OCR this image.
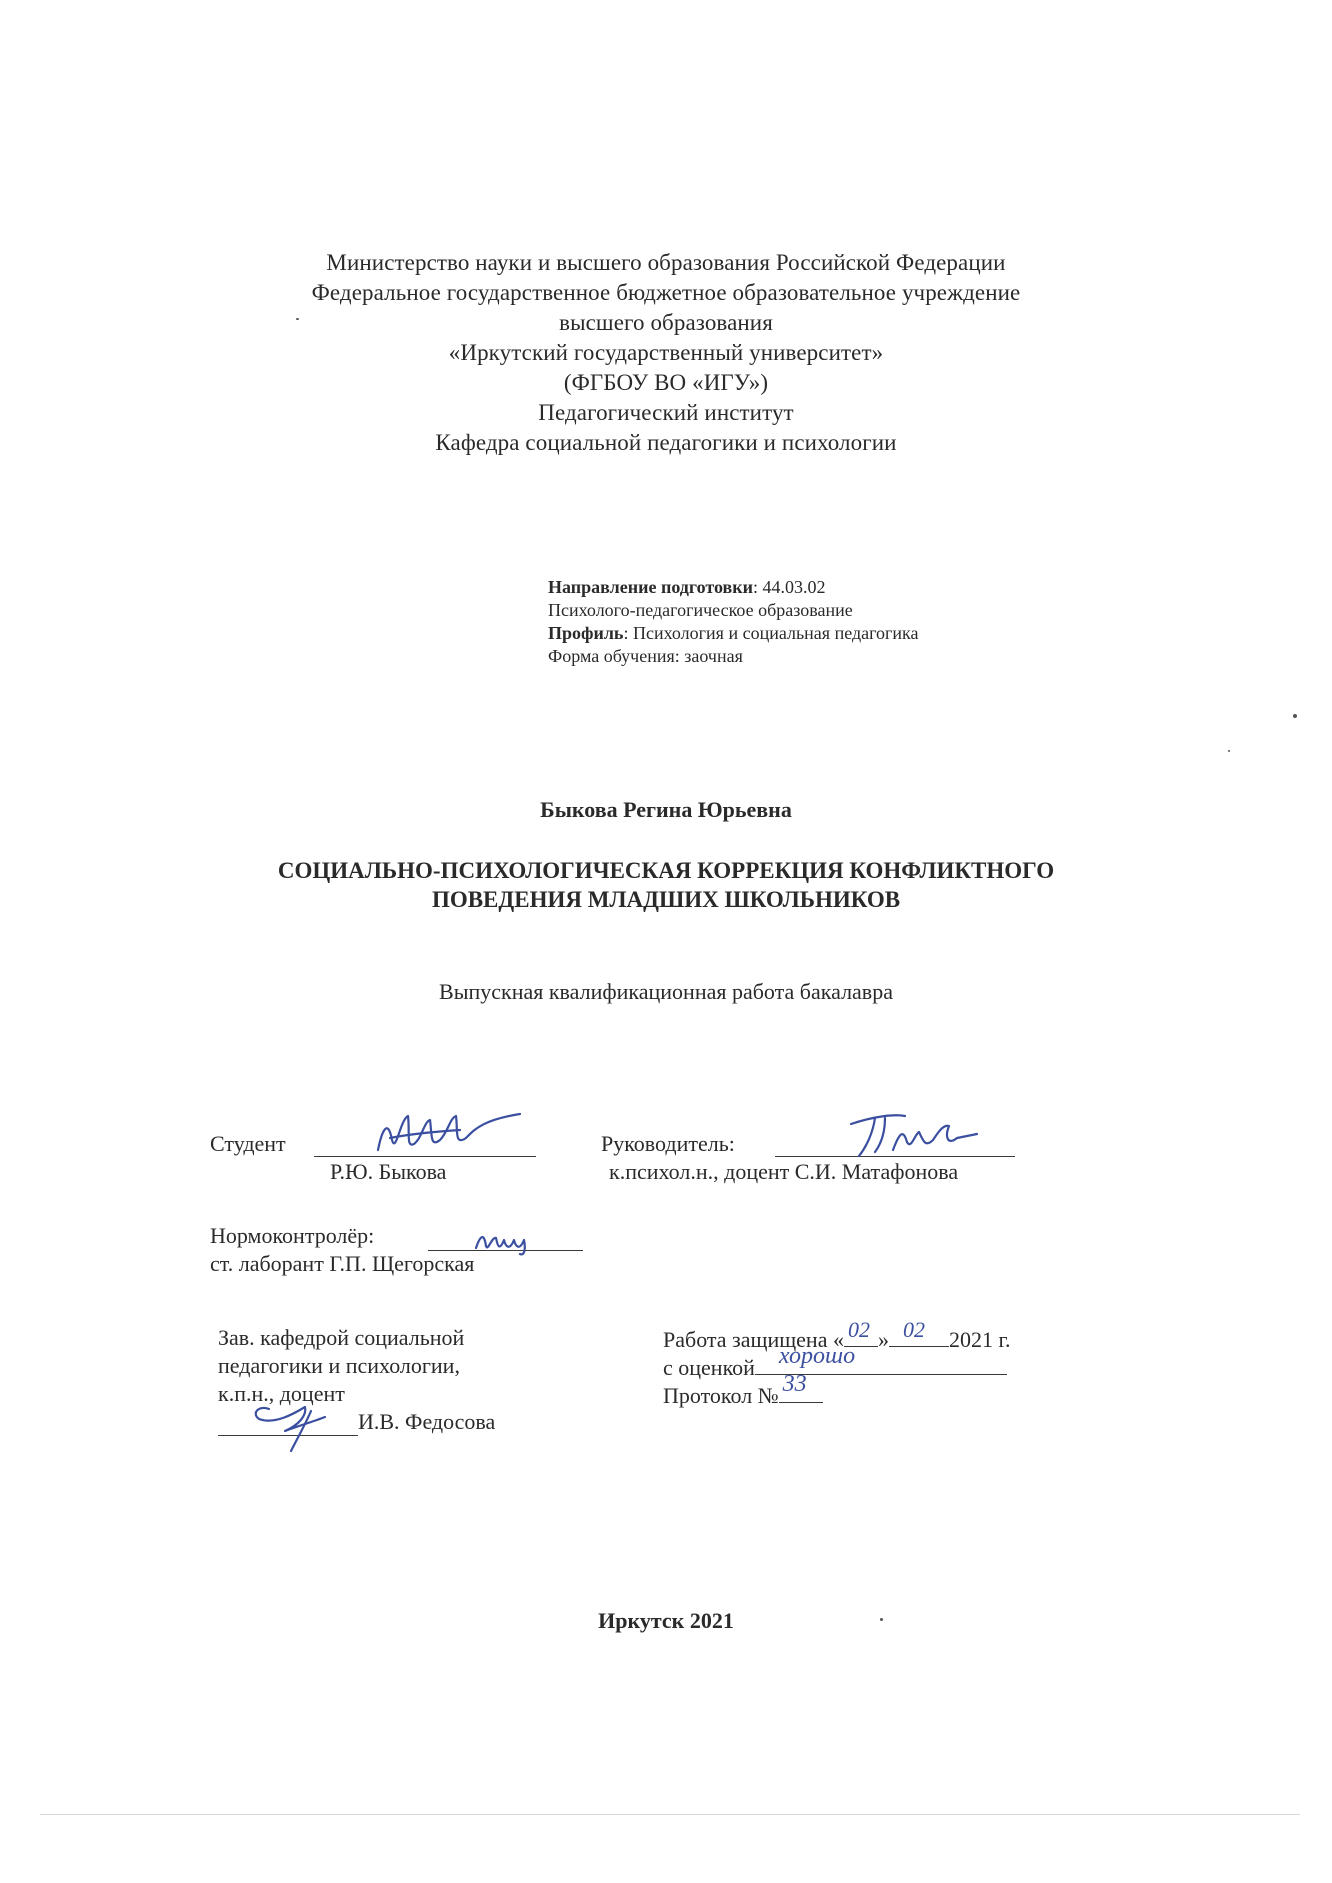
Министерство науки и высшего образования Российской Федерации
Федеральное государственное бюджетное образовательное учреждение
высшего образования
«Иркутский государственный университет»
(ФГБОУ ВО «ИГУ»)
Педагогический институт
Кафедра социальной педагогики и психологии
Направление подготовки: 44.03.02
Психолого-педагогическое образование
Профиль: Психология и социальная педагогика
Форма обучения: заочная
Быкова Регина Юрьевна
СОЦИАЛЬНО-ПСИХОЛОГИЧЕСКАЯ КОРРЕКЦИЯ КОНФЛИКТНОГО
ПОВЕДЕНИЯ МЛАДШИХ ШКОЛЬНИКОВ
Выпускная квалификационная работа бакалавра
Студент
Р.Ю. Быкова
Руководитель:
к.психол.н., доцент С.И. Матафонова
Нормоконтролёр:
ст. лаборант Г.П. Щегорская
Зав. кафедрой социальной
педагогики и психологии,
к.п.н., доцент
И.В. Федосова
Работа защищена « 02 » 02 2021 г.
с оценкой хорошо
Протокол № 33
Иркутск 2021
